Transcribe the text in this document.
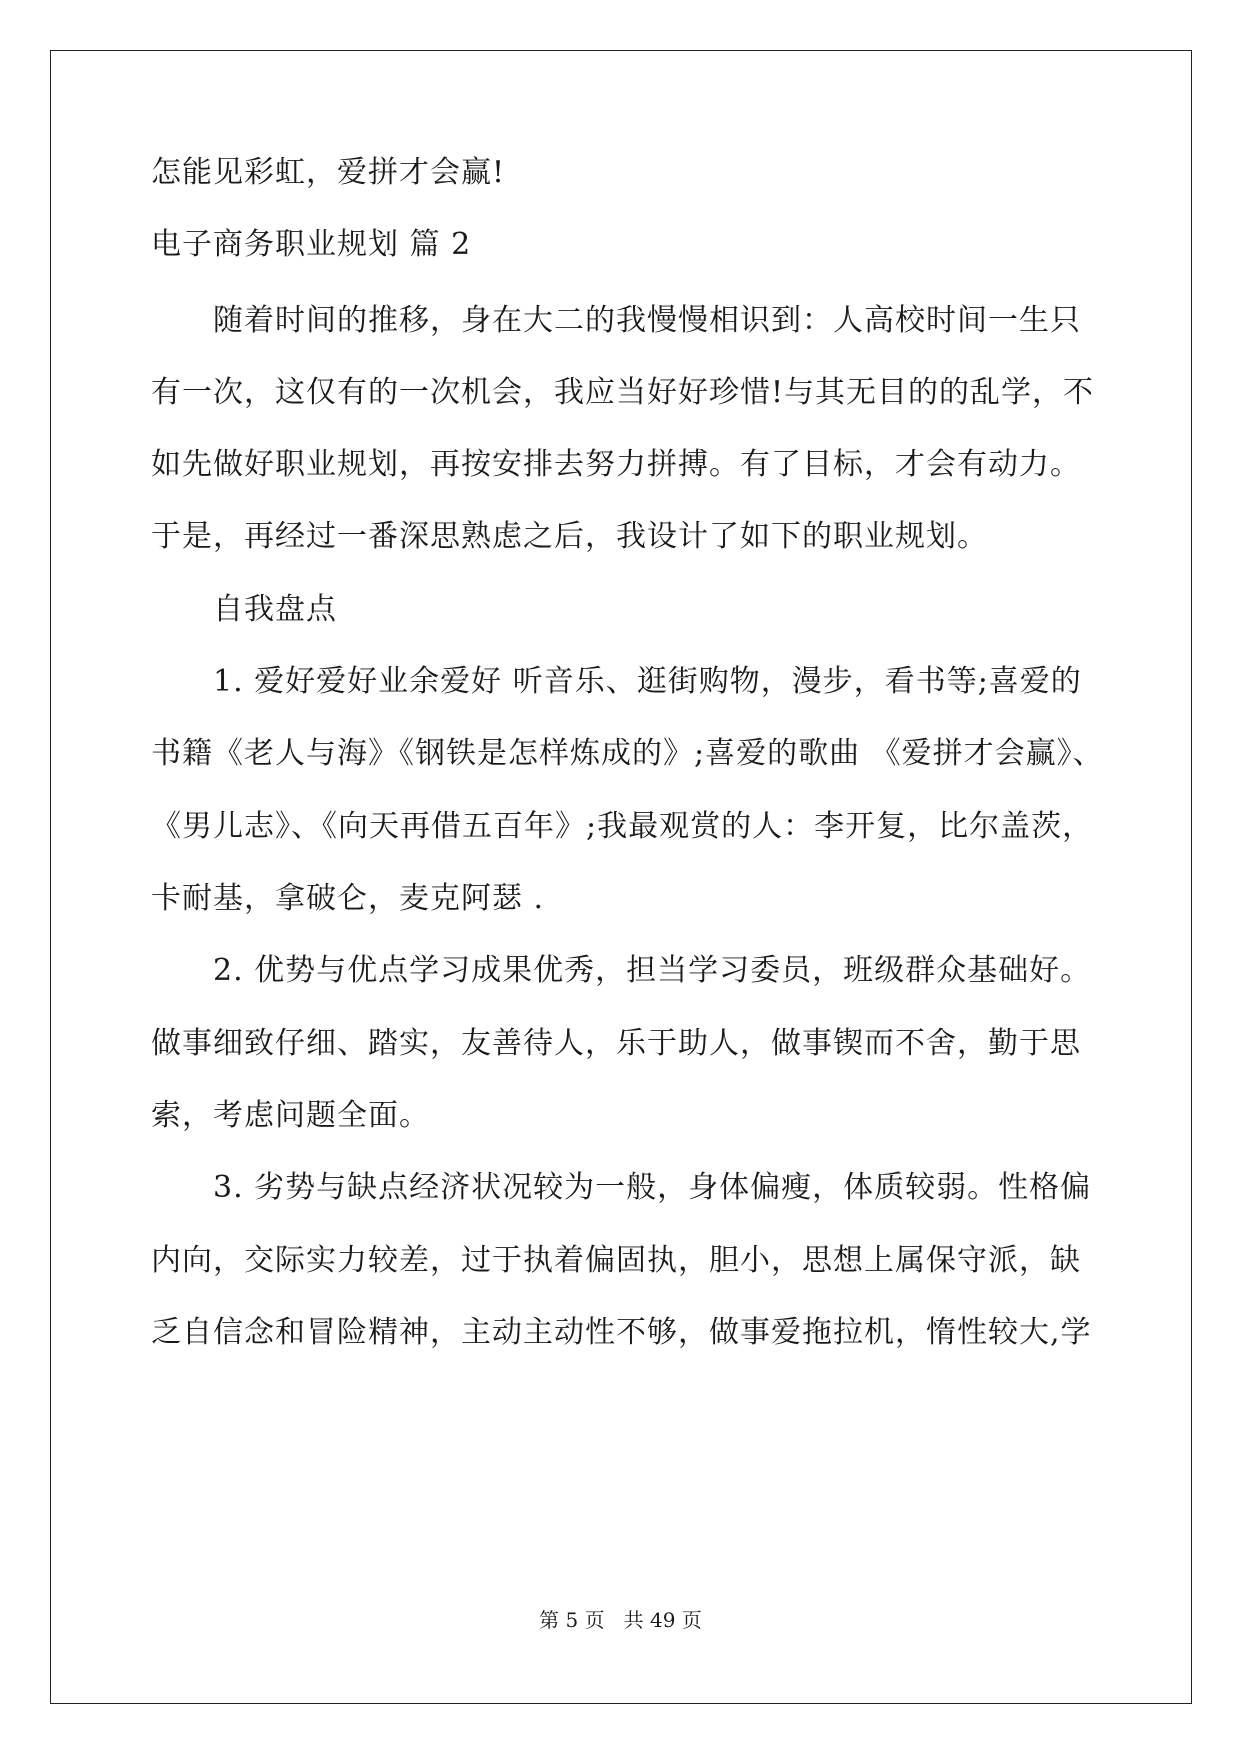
怎能见彩虹，爱拼才会赢!
电子商务职业规划 篇 2
随着时间的推移，身在大二的我慢慢相识到：人高校时间一生只
有一次，这仅有的一次机会，我应当好好珍惜!与其无目的的乱学，不
如先做好职业规划，再按安排去努力拼搏。有了目标，才会有动力。
于是，再经过一番深思熟虑之后，我设计了如下的职业规划。
自我盘点
1. 爱好爱好业余爱好 听音乐、逛街购物，漫步，看书等;喜爱的
书籍《老人与海》《钢铁是怎样炼成的》;喜爱的歌曲 《爱拼才会赢》、
《男儿志》、《向天再借五百年》;我最观赏的人：李开复，比尔盖茨，
卡耐基，拿破仑，麦克阿瑟 .
2. 优势与优点学习成果优秀，担当学习委员，班级群众基础好。
做事细致仔细、踏实，友善待人，乐于助人，做事锲而不舍，勤于思
索，考虑问题全面。
3. 劣势与缺点经济状况较为一般，身体偏瘦，体质较弱。性格偏
内向，交际实力较差，过于执着偏固执，胆小，思想上属保守派，缺
乏自信念和冒险精神，主动主动性不够，做事爱拖拉机，惰性较大,学
第 5 页   共 49 页
